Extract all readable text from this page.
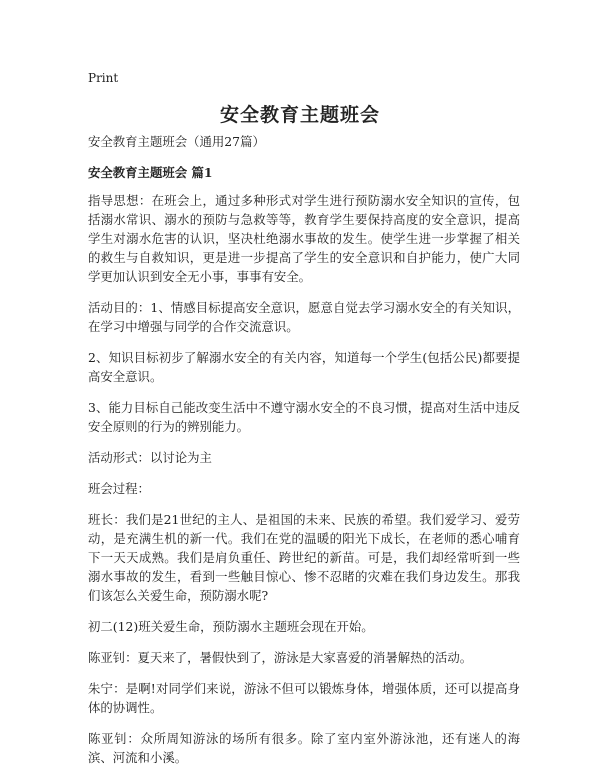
Print
安全教育主题班会

安全教育主题班会（通用27篇）

安全教育主题班会 篇1

指导思想：在班会上，通过多种形式对学生进行预防溺水安全知识的宣传，包括溺水常识、溺水的预防与急救等等，教育学生要保持高度的安全意识，提高学生对溺水危害的认识，坚决杜绝溺水事故的发生。使学生进一步掌握了相关的救生与自救知识，更是进一步提高了学生的安全意识和自护能力，使广大同学更加认识到安全无小事，事事有安全。

活动目的：1、情感目标提高安全意识，愿意自觉去学习溺水安全的有关知识，在学习中增强与同学的合作交流意识。

2、知识目标初步了解溺水安全的有关内容，知道每一个学生(包括公民)都要提高安全意识。

3、能力目标自己能改变生活中不遵守溺水安全的不良习惯，提高对生活中违反安全原则的行为的辨别能力。

活动形式：以讨论为主

班会过程：

班长：我们是21世纪的主人、是祖国的未来、民族的希望。我们爱学习、爱劳动，是充满生机的新一代。我们在党的温暖的阳光下成长，在老师的悉心哺育下一天天成熟。我们是肩负重任、跨世纪的新苗。可是，我们却经常听到一些溺水事故的发生，看到一些触目惊心、惨不忍睹的灾难在我们身边发生。那我们该怎么关爱生命，预防溺水呢?

初二(12)班关爱生命，预防溺水主题班会现在开始。

陈亚钊：夏天来了，暑假快到了，游泳是大家喜爱的消暑解热的活动。

朱宁：是啊!对同学们来说，游泳不但可以锻炼身体，增强体质，还可以提高身体的协调性。

陈亚钊：众所周知游泳的场所有很多。除了室内室外游泳池，还有迷人的海滨、河流和小溪。
